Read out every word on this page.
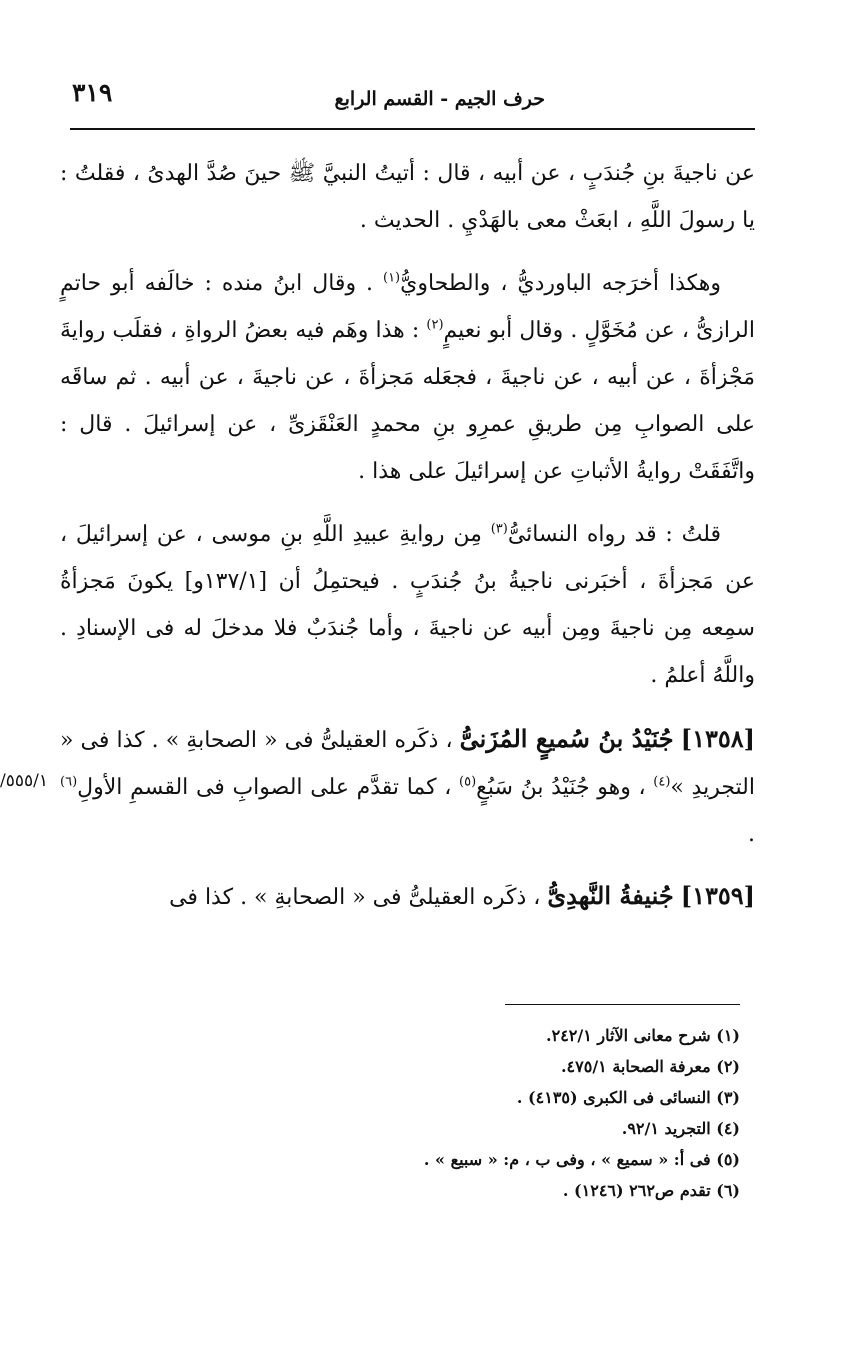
٣١٩	حرف الجيم - القسم الرابع
/٥٥٥/١

عن ناجيةَ بنِ جُندَبٍ ، عن أبيه ، قال : أتيتُ النبيَّ ﷺ حينَ صُدَّ الهدىُ ، فقلتُ : يا رسولَ اللَّهِ ، ابعَثْ معى بالهَدْيِ . الحديث .

وهكذا أخرَجه الباورديُّ ، والطحاويُّ$^{(١)}$ . وقال ابنُ منده : خالَفه أبو حاتمٍ الرازىُّ ، عن مُخَوَّلٍ . وقال أبو نعيمٍ$^{(٢)}$ : هذا وهَم فيه بعضُ الرواةِ ، فقلَب روايةَ مَجْزأةَ ، عن أبيه ، عن ناجيةَ ، فجعَله مَجزأةَ ، عن ناجيةَ ، عن أبيه . ثم ساقَه على الصوابِ مِن طريقِ عمرِو بنِ محمدٍ العَنْقَزىِّ ، عن إسرائيلَ . قال : واتَّفَقَتْ روايةُ الأثباتِ عن إسرائيلَ على هذا .

قلتُ : قد رواه النسائىُّ$^{(٣)}$ مِن روايةِ عبيدِ اللَّهِ بنِ موسى ، عن إسرائيلَ ، عن مَجزأةَ ، أخبَرنى ناجيةُ بنُ جُندَبٍ . فيحتمِلُ أن [١٣٧/١و] يكونَ مَجزأةُ سمِعه مِن ناجيةَ ومِن أبيه عن ناجيةَ ، وأما جُندَبٌ فلا مدخلَ له فى الإسنادِ . واللَّهُ أعلمُ .

[١٣٥٨] جُنَيْدُ بنُ سُميعٍ المُزَنىُّ ، ذكَره العقيلىُّ فى « الصحابةِ » . كذا فى « التجريدِ »$^{(٤)}$ ، وهو جُنَيْدُ بنُ سَبُعٍ$^{(٥)}$ ، كما تقدَّم على الصوابِ فى القسمِ الأولِ$^{(٦)}$ .

[١٣٥٩] جُنيفةُ النَّهدِىُّ ، ذكَره العقيلىُّ فى « الصحابةِ » . كذا فى

(١) شرح معانى الآثار ٢٤٢/١.
(٢) معرفة الصحابة ٤٧٥/١.
(٣) النسائى فى الكبرى (٤١٣٥) .
(٤) التجريد ٩٢/١.
(٥) فى أ: « سميع » ، وفى ب ، م: « سبيع » .
(٦) تقدم ص٢٦٢ (١٢٤٦) .
